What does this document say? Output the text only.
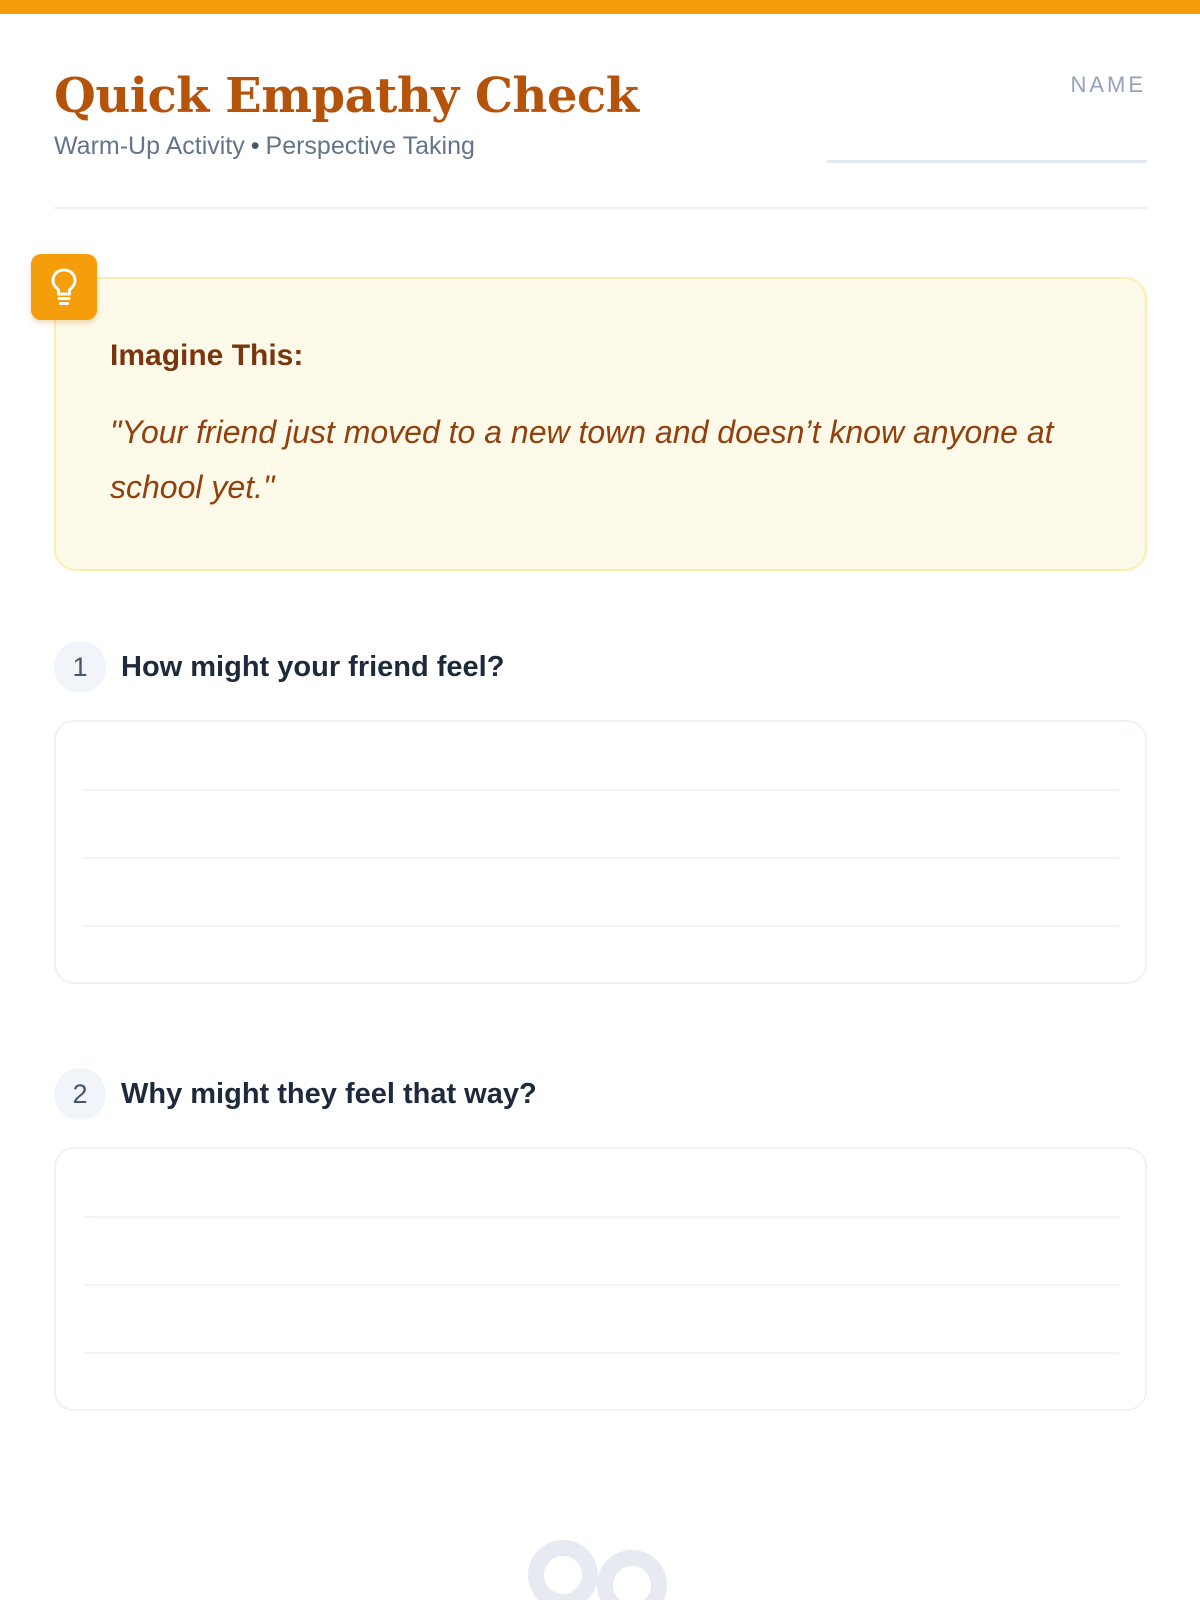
Quick Empathy Check
Warm-Up Activity • Perspective Taking
NAME
Imagine This:

"Your friend just moved to a new town and doesn’t know anyone at school yet."

1	How might your friend feel?
2	Why might they feel that way?
